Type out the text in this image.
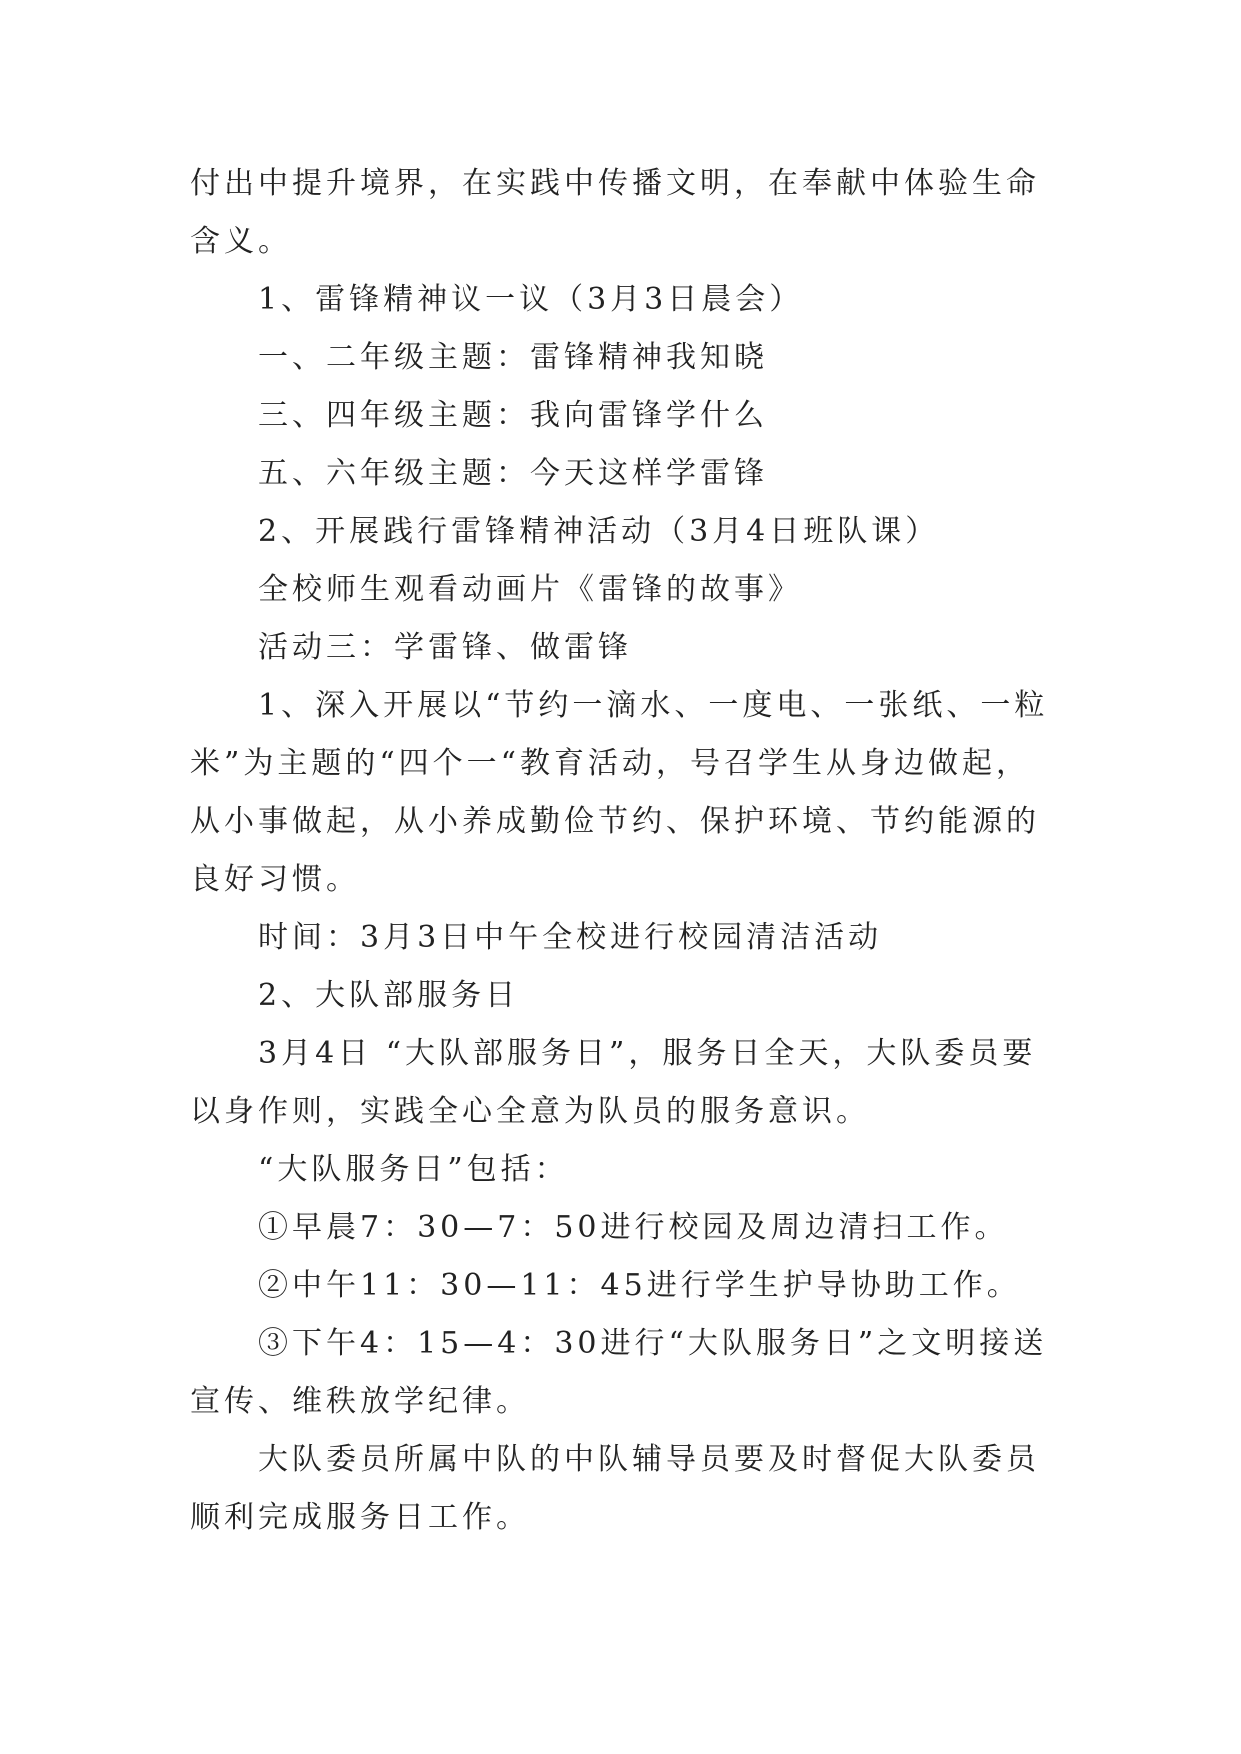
付出中提升境界，在实践中传播文明，在奉献中体验生命含义。

1、雷锋精神议一议（3月3日晨会）

一、二年级主题：雷锋精神我知晓

三、四年级主题：我向雷锋学什么

五、六年级主题：今天这样学雷锋

2、开展践行雷锋精神活动（3月4日班队课）

全校师生观看动画片《雷锋的故事》

活动三：学雷锋、做雷锋

1、深入开展以“节约一滴水、一度电、一张纸、一粒米”为主题的“四个一“教育活动，号召学生从身边做起，从小事做起，从小养成勤俭节约、保护环境、节约能源的良好习惯。

时间：3月3日中午全校进行校园清洁活动

2、大队部服务日

3月4日 “大队部服务日”，服务日全天，大队委员要以身作则，实践全心全意为队员的服务意识。

“大队服务日”包括：

①早晨7：30—7：50进行校园及周边清扫工作。

②中午11：30—11：45进行学生护导协助工作。

③下午4：15—4：30进行“大队服务日”之文明接送宣传、维秩放学纪律。

大队委员所属中队的中队辅导员要及时督促大队委员顺利完成服务日工作。
